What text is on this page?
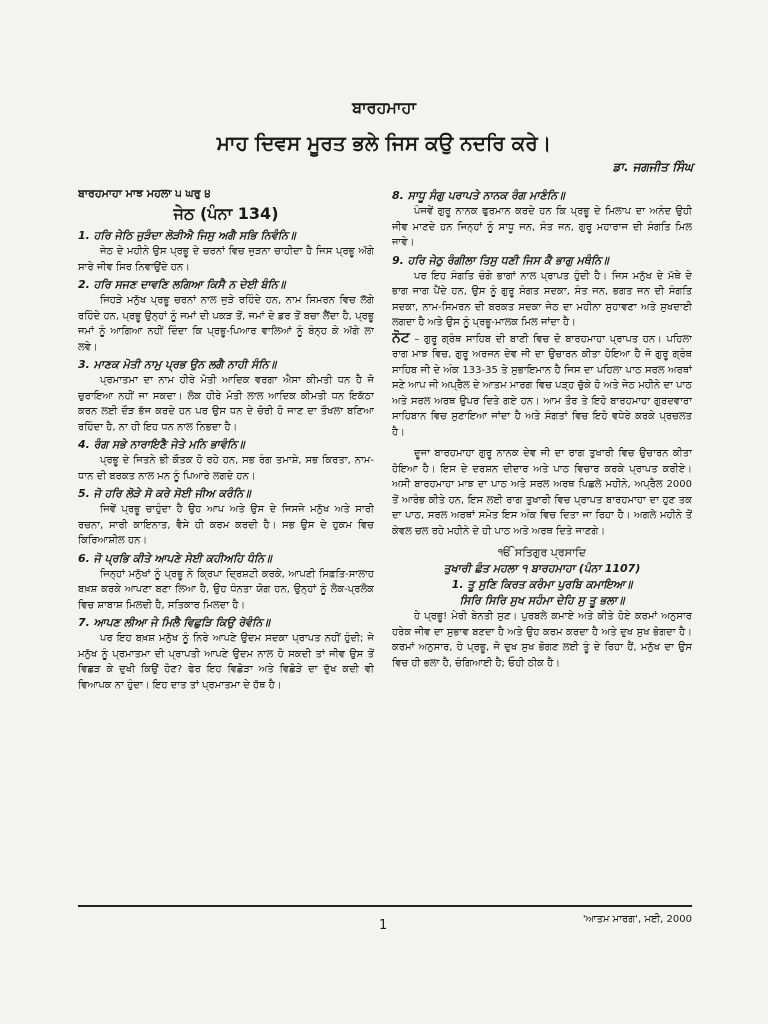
ਬਾਰਹਮਾਹਾ
ਮਾਹ ਦਿਵਸ ਮੂਰਤ ਭਲੇ ਜਿਸ ਕਉ ਨਦਰਿ ਕਰੇ।
ਡਾ. ਜਗਜੀਤ ਸਿੰਘ
ਬਾਰਹਮਾਹਾ ਮਾਝ ਮਹਲਾ ੫ ਘਰੁ ੪
ਜੇਠ (ਪੰਨਾ 134)
1. ਹਰਿ ਜੇਠਿ ਜੁੜੰਦਾ ਲੋੜੀਐ ਜਿਸੁ ਅਗੈ ਸਭਿ ਨਿਵੰਨਿ॥
ਜੇਠ ਦੇ ਮਹੀਨੇ ਉਸ ਪ੍ਰਭੂ ਦੇ ਚਰਨਾਂ ਵਿਚ ਜੁੜਨਾ ਚਾਹੀਦਾ ਹੈ ਜਿਸ ਪ੍ਰਭੂ ਅੱਗੇ ਸਾਰੇ ਜੀਵ ਸਿਰ ਨਿਵਾਉਂਦੇ ਹਨ।
2. ਹਰਿ ਸਜਣ ਦਾਵਣਿ ਲਗਿਆ ਕਿਸੈ ਨ ਦੇਈ ਬੰਨਿ॥
ਜਿਹੜੇ ਮਨੁੱਖ ਪ੍ਰਭੂ ਚਰਨਾਂ ਨਾਲ ਜੁੜੇ ਰਹਿੰਦੇ ਹਨ, ਨਾਮ ਸਿਮਰਨ ਵਿਚ ਲੱਗੇ ਰਹਿੰਦੇ ਹਨ, ਪ੍ਰਭੂ ਉਨ੍ਹਾਂ ਨੂੰ ਜਮਾਂ ਦੀ ਪਕੜ ਤੋਂ, ਜਮਾਂ ਦੇ ਡਰ ਤੋਂ ਬਚਾ ਲੈਂਦਾ ਹੈ, ਪ੍ਰਭੂ ਜਮਾਂ ਨੂੰ ਆਗਿਆ ਨਹੀਂ ਦਿੰਦਾ ਕਿ ਪ੍ਰਭੂ-ਪਿਆਰ ਵਾਲਿਆਂ ਨੂੰ ਬੰਨ੍ਹ ਕੇ ਅੱਗੇ ਲਾ ਲਵੇ।
3. ਮਾਣਕ ਮੋਤੀ ਨਾਮੁ ਪ੍ਰਭ ਉਨ ਲਗੈ ਨਾਹੀ ਸੰਨਿ॥
ਪ੍ਰਮਾਤਮਾ ਦਾ ਨਾਮ ਹੀਰੇ ਮੋਤੀ ਆਦਿਕ ਵਰਗਾ ਐਸਾ ਕੀਮਤੀ ਧਨ ਹੈ ਜੋ ਚੁਰਾਇਆ ਨਹੀਂ ਜਾ ਸਕਦਾ। ਲੋਕ ਹੀਰੇ ਮੋਤੀ ਲਾਲ ਆਦਿਕ ਕੀਮਤੀ ਧਨ ਇਕੱਠਾ ਕਰਨ ਲਈ ਦੌੜ ਭੱਜ ਕਰਦੇ ਹਨ ਪਰ ਉਸ ਧਨ ਦੇ ਚੋਰੀ ਹੋ ਜਾਣ ਦਾ ਤੌਖਲਾ ਬਣਿਆ ਰਹਿੰਦਾ ਹੈ, ਨਾ ਹੀ ਇਹ ਧਨ ਨਾਲ ਨਿਭਦਾ ਹੈ।
4. ਰੰਗ ਸਭੇ ਨਾਰਾਇਣੈ ਜੇਤੇ ਮਨਿ ਭਾਵੰਨਿ॥
ਪ੍ਰਭੂ ਦੇ ਜਿਤਨੇ ਭੀ ਕੌਤਕ ਹੋ ਰਹੇ ਹਨ, ਸਭ ਰੰਗ ਤਮਾਸ਼ੇ, ਸਭ ਕਿਰਤਾ, ਨਾਮ-ਧਾਨ ਦੀ ਬਰਕਤ ਨਾਲ ਮਨ ਨੂੰ ਪਿਆਰੇ ਲਗਦੇ ਹਨ।
5. ਜੋ ਹਰਿ ਲੋੜੇ ਸੋ ਕਰੇ ਸੋਈ ਜੀਅ ਕਰੰਨਿ॥
ਜਿਵੇਂ ਪ੍ਰਭੂ ਚਾਹੁੰਦਾ ਹੈ ਉਹ ਆਪ ਅਤੇ ਉਸ ਦੇ ਜਿਸਜੇ ਮਨੁੱਖ ਅਤੇ ਸਾਰੀ ਰਚਨਾ, ਸਾਰੀ ਕਾਇਨਾਤ, ਵੈਸੇ ਹੀ ਕਰਮ ਕਰਦੀ ਹੈ। ਸਭ ਉਸ ਦੇ ਹੁਕਮ ਵਿਚ ਕਿਰਿਆਸ਼ੀਲ ਹਨ।
6. ਜੋ ਪ੍ਰਭਿ ਕੀਤੇ ਆਪਣੇ ਸੇਈ ਕਹੀਅਹਿ ਧੰਨਿ॥
ਜਿਨ੍ਹਾਂ ਮਨੁੱਖਾਂ ਨੂੰ ਪ੍ਰਭੂ ਨੇ ਕ੍ਰਿਪਾ ਦ੍ਰਿਸ਼ਟੀ ਕਰਕੇ, ਆਪਣੀ ਸਿਫ਼ਤਿ-ਸਾਲਾਹ ਬਖ਼ਸ਼ ਕਰਕੇ ਆਪਣਾ ਬਣਾ ਲਿਆ ਹੈ, ਉਹ ਧੰਨਤਾ ਯੋਗ ਹਨ, ਉਨ੍ਹਾਂ ਨੂੰ ਲੋਕ-ਪ੍ਰਲੋਕ ਵਿਚ ਸ਼ਾਬਾਸ਼ ਮਿਲਦੀ ਹੈ, ਸਤਿਕਾਰ ਮਿਲਦਾ ਹੈ।
7. ਆਪਣ ਲੀਆ ਜੇ ਮਿਲੈ ਵਿਛੁੜਿ ਕਿਉ ਰੋਵੰਨਿ॥
ਪਰ ਇਹ ਬਖ਼ਸ਼ ਮਨੁੱਖ ਨੂੰ ਨਿਰੇ ਆਪਣੇ ਉਦਮ ਸਦਕਾ ਪ੍ਰਾਪਤ ਨਹੀਂ ਹੁੰਦੀ; ਜੇ ਮਨੁੱਖ ਨੂੰ ਪ੍ਰਮਾਤਮਾ ਦੀ ਪ੍ਰਾਪਤੀ ਆਪਣੇ ਉਦਮ ਨਾਲ ਹੋ ਸਕਦੀ ਤਾਂ ਜੀਵ ਉਸ ਤੋਂ ਵਿਛੜ ਕੇ ਦੁਖੀ ਕਿਉਂ ਹੋਣ? ਫੇਰ ਇਹ ਵਿਛੋੜਾ ਅਤੇ ਵਿਛੋੜੇ ਦਾ ਦੁੱਖ ਕਦੀ ਵੀ ਵਿਆਪਕ ਨਾ ਹੁੰਦਾ। ਇਹ ਦਾਤ ਤਾਂ ਪ੍ਰਮਾਤਮਾ ਦੇ ਹੱਥ ਹੈ।
8. ਸਾਧੂ ਸੰਗੁ ਪਰਾਪਤੇ ਨਾਨਕ ਰੰਗ ਮਾਣੰਨਿ॥
ਪੰਜਵੇਂ ਗੁਰੂ ਨਾਨਕ ਫੁਰਮਾਨ ਕਰਦੇ ਹਨ ਕਿ ਪ੍ਰਭੂ ਦੇ ਮਿਲਾਪ ਦਾ ਅਨੰਦ ਉਹੀ ਜੀਵ ਮਾਣਦੇ ਹਨ ਜਿਨ੍ਹਾਂ ਨੂੰ ਸਾਧੂ ਜਨ, ਸੰਤ ਜਨ, ਗੁਰੂ ਮਹਾਰਾਜ ਦੀ ਸੰਗਤਿ ਮਿਲ ਜਾਵੇ।
9. ਹਰਿ ਜੇਠੁ ਰੰਗੀਲਾ ਤਿਸੁ ਧਣੀ ਜਿਸ ਕੈ ਭਾਗੁ ਮਥੰਨਿ॥
ਪਰ ਇਹ ਸੰਗਤਿ ਚੰਗੇ ਭਾਗਾਂ ਨਾਲ ਪ੍ਰਾਪਤ ਹੁੰਦੀ ਹੈ। ਜਿਸ ਮਨੁੱਖ ਦੇ ਮੱਥੇ ਦੇ ਭਾਗ ਜਾਗ ਪੈਂਦੇ ਹਨ, ਉਸ ਨੂੰ ਗੁਰੂ ਸੰਗਤ ਸਦਕਾ, ਸੰਤ ਜਨ, ਭਗਤ ਜਨ ਦੀ ਸੰਗਤਿ ਸਦਕਾ, ਨਾਮ-ਸਿਮਰਨ ਦੀ ਬਰਕਤ ਸਦਕਾ ਜੇਠ ਦਾ ਮਹੀਨਾ ਸੁਹਾਵਣਾ ਅਤੇ ਸੁਖਦਾਈ ਲਗਦਾ ਹੈ ਅਤੇ ਉਸ ਨੂੰ ਪ੍ਰਭੂ-ਮਾਲਕ ਮਿਲ ਜਾਂਦਾ ਹੈ।
ਨੋਟ – ਗੁਰੂ ਗ੍ਰੰਥ ਸਾਹਿਬ ਦੀ ਬਾਣੀ ਵਿਚ ਦੋ ਬਾਰਹਮਾਹਾ ਪ੍ਰਾਪਤ ਹਨ। ਪਹਿਲਾ ਰਾਗ ਮਾਝ ਵਿਚ, ਗੁਰੂ ਅਰਜਨ ਦੇਵ ਜੀ ਦਾ ਉਚਾਰਨ ਕੀਤਾ ਹੋਇਆ ਹੈ ਜੋ ਗੁਰੂ ਗ੍ਰੰਥ ਸਾਹਿਬ ਜੀ ਦੇ ਅੰਕ 133-35 ਤੇ ਸੁਭਾਇਮਾਨ ਹੈ ਜਿਸ ਦਾ ਪਹਿਲਾ ਪਾਠ ਸਰਲ ਅਰਥਾਂ ਸਣੇ ਆਪ ਜੀ ਅਪ੍ਰੈਲ ਦੇ ਆਤਮ ਮਾਰਗ ਵਿਚ ਪੜ੍ਹ ਚੁੱਕੇ ਹੋ ਅਤੇ ਜੇਠ ਮਹੀਨੇ ਦਾ ਪਾਠ ਅਤੇ ਸਰਲ ਅਰਥ ਉਪਰ ਦਿਤੇ ਗਏ ਹਨ। ਆਮ ਤੌਰ ਤੇ ਇਹੋ ਬਾਰਹਮਾਹਾ ਗੁਰਦਵਾਰਾ ਸਾਹਿਬਾਨ ਵਿਚ ਸੁਣਾਇਆ ਜਾਂਦਾ ਹੈ ਅਤੇ ਸੰਗਤਾਂ ਵਿਚ ਇਹੋ ਵਧੇਰੇ ਕਰਕੇ ਪ੍ਰਚਲਤ ਹੈ।
ਦੂਜਾ ਬਾਰਹਮਾਹਾ ਗੁਰੂ ਨਾਨਕ ਦੇਵ ਜੀ ਦਾ ਰਾਗ ਤੁਖਾਰੀ ਵਿਚ ਉਚਾਰਨ ਕੀਤਾ ਹੋਇਆ ਹੈ। ਇਸ ਦੇ ਦਰਸ਼ਨ ਦੀਦਾਰ ਅਤੇ ਪਾਠ ਵਿਚਾਰ ਕਰਕੇ ਪ੍ਰਾਪਤ ਕਰੀਏ। ਅਸੀ ਬਾਰਹਮਾਹਾ ਮਾਝ ਦਾ ਪਾਠ ਅਤੇ ਸਰਲ ਅਰਥ ਪਿਛਲੇ ਮਹੀਨੇ, ਅਪ੍ਰੈਲ 2000 ਤੋਂ ਆਰੰਭ ਕੀਤੇ ਹਨ, ਇਸ ਲਈ ਰਾਗ ਤੁਖਾਰੀ ਵਿਚ ਪ੍ਰਾਪਤ ਬਾਰਹਮਾਹਾ ਦਾ ਹੁਣ ਤਕ ਦਾ ਪਾਠ, ਸਰਲ ਅਰਥਾਂ ਸਮੇਤ ਇਸ ਅੰਕ ਵਿਚ ਦਿਤਾ ਜਾ ਰਿਹਾ ਹੈ। ਅਗਲੇ ਮਹੀਨੇ ਤੋਂ ਕੇਵਲ ਚਲ ਰਹੇ ਮਹੀਨੇ ਦੇ ਹੀ ਪਾਠ ਅਤੇ ਅਰਥ ਦਿਤੇ ਜਾਣਗੇ।
ੴ ਸਤਿਗੁਰ ਪ੍ਰਸਾਦਿ
ਤੁਖਾਰੀ ਛੰਤ ਮਹਲਾ ੧ ਬਾਰਹਮਾਹਾ (ਪੰਨਾ 1107)
1. ਤੂ ਸੁਣਿ ਕਿਰਤ ਕਰੰਮਾ ਪੁਰਬਿ ਕਮਾਇਆ॥
ਸਿਰਿ ਸਿਰਿ ਸੁਖ ਸਹੰਮਾ ਦੇਹਿ ਸੁ ਤੂ ਭਲਾ॥
ਹੇ ਪ੍ਰਭੂ! ਮੇਰੀ ਬੇਨਤੀ ਸੁਣ। ਪੁਰਬਲੇ ਕਮਾਏ ਅਤੇ ਕੀਤੇ ਹੋਏ ਕਰਮਾਂ ਅਨੁਸਾਰ ਹਰੇਕ ਜੀਵ ਦਾ ਸੁਭਾਵ ਬਣਦਾ ਹੈ ਅਤੇ ਉਹ ਕਰਮ ਕਰਦਾ ਹੈ ਅਤੇ ਦੁਖ ਸੁਖ ਭੋਗਦਾ ਹੈ। ਕਰਮਾਂ ਅਨੁਸਾਰ, ਹੇ ਪ੍ਰਭੂ, ਜੋ ਦੁਖ ਸੁਖ ਭੋਗਣ ਲਈ ਤੂੰ ਦੇ ਰਿਹਾ ਹੈਂ, ਮਨੁੱਖ ਦਾ ਉਸ ਵਿਚ ਹੀ ਭਲਾ ਹੈ, ਚੰਗਿਆਈ ਹੈ; ਓਹੀ ਠੀਕ ਹੈ।
1	'ਆਤਮ ਮਾਰਗ', ਮਈ, 2000
